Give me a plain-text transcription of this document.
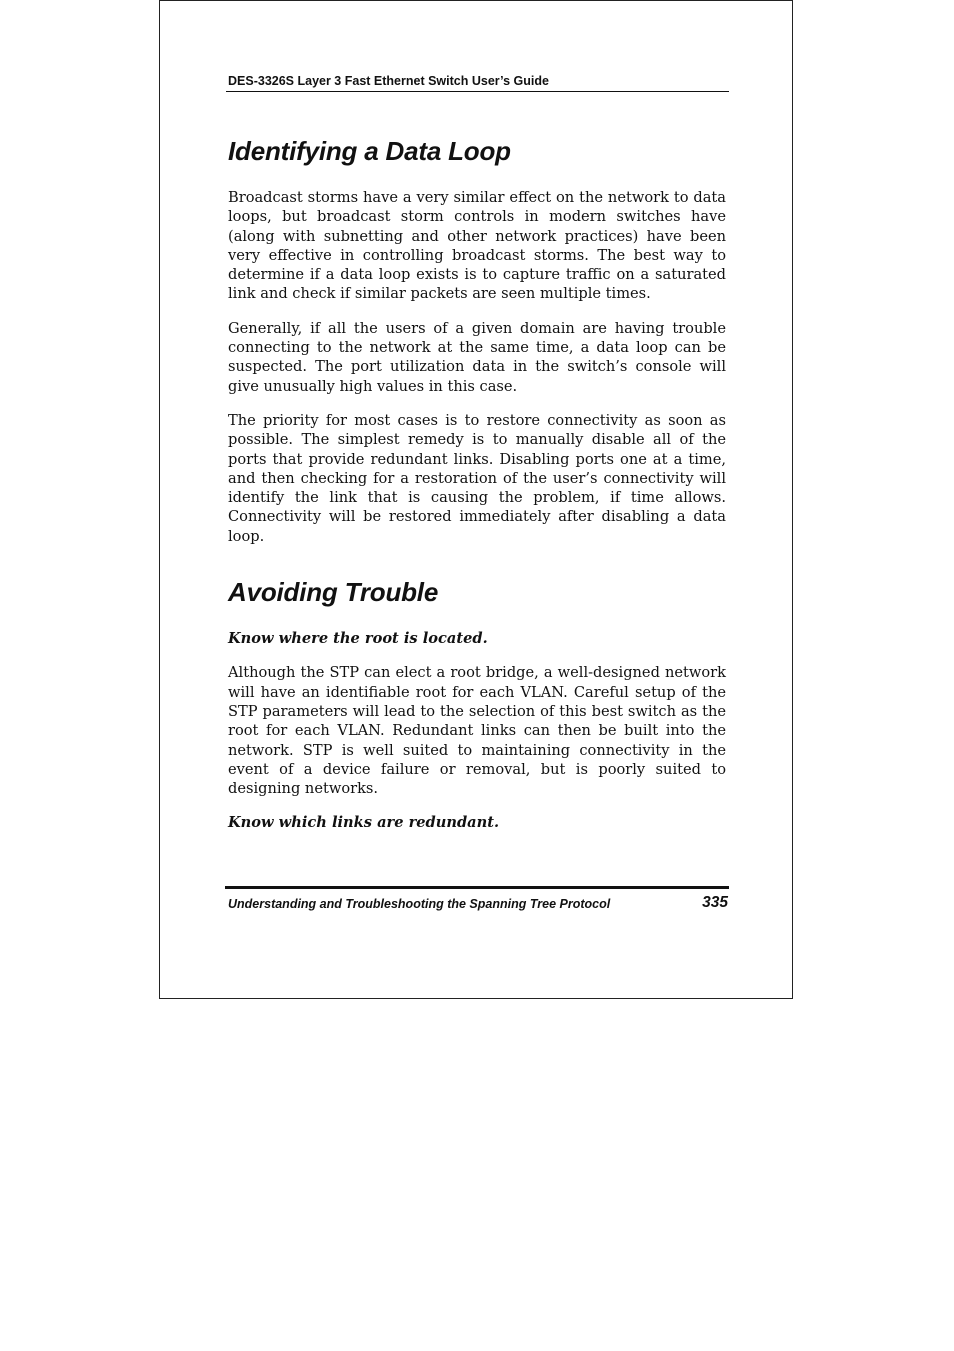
DES-3326S Layer 3 Fast Ethernet Switch User’s Guide
Identifying a Data Loop

Broadcast storms have a very similar effect on the network to data loops, but broadcast storm controls in modern switches have (along with subnetting and other network practices) have been very effective in controlling broadcast storms. The best way to determine if a data loop exists is to capture traffic on a saturated link and check if similar packets are seen multiple times.

Generally, if all the users of a given domain are having trouble connecting to the network at the same time, a data loop can be suspected. The port utilization data in the switch’s console will give unusually high values in this case.

The priority for most cases is to restore connectivity as soon as possible. The simplest remedy is to manually disable all of the ports that provide redundant links. Disabling ports one at a time, and then checking for a restoration of the user’s connectivity will identify the link that is causing the problem, if time allows. Connectivity will be restored immediately after disabling a data loop.

Avoiding Trouble

Know where the root is located.

Although the STP can elect a root bridge, a well-designed network will have an identifiable root for each VLAN. Careful setup of the STP parameters will lead to the selection of this best switch as the root for each VLAN. Redundant links can then be built into the network. STP is well suited to maintaining connectivity in the event of a device failure or removal, but is poorly suited to designing networks.

Know which links are redundant.

Understanding and Troubleshooting the Spanning Tree Protocol	335
